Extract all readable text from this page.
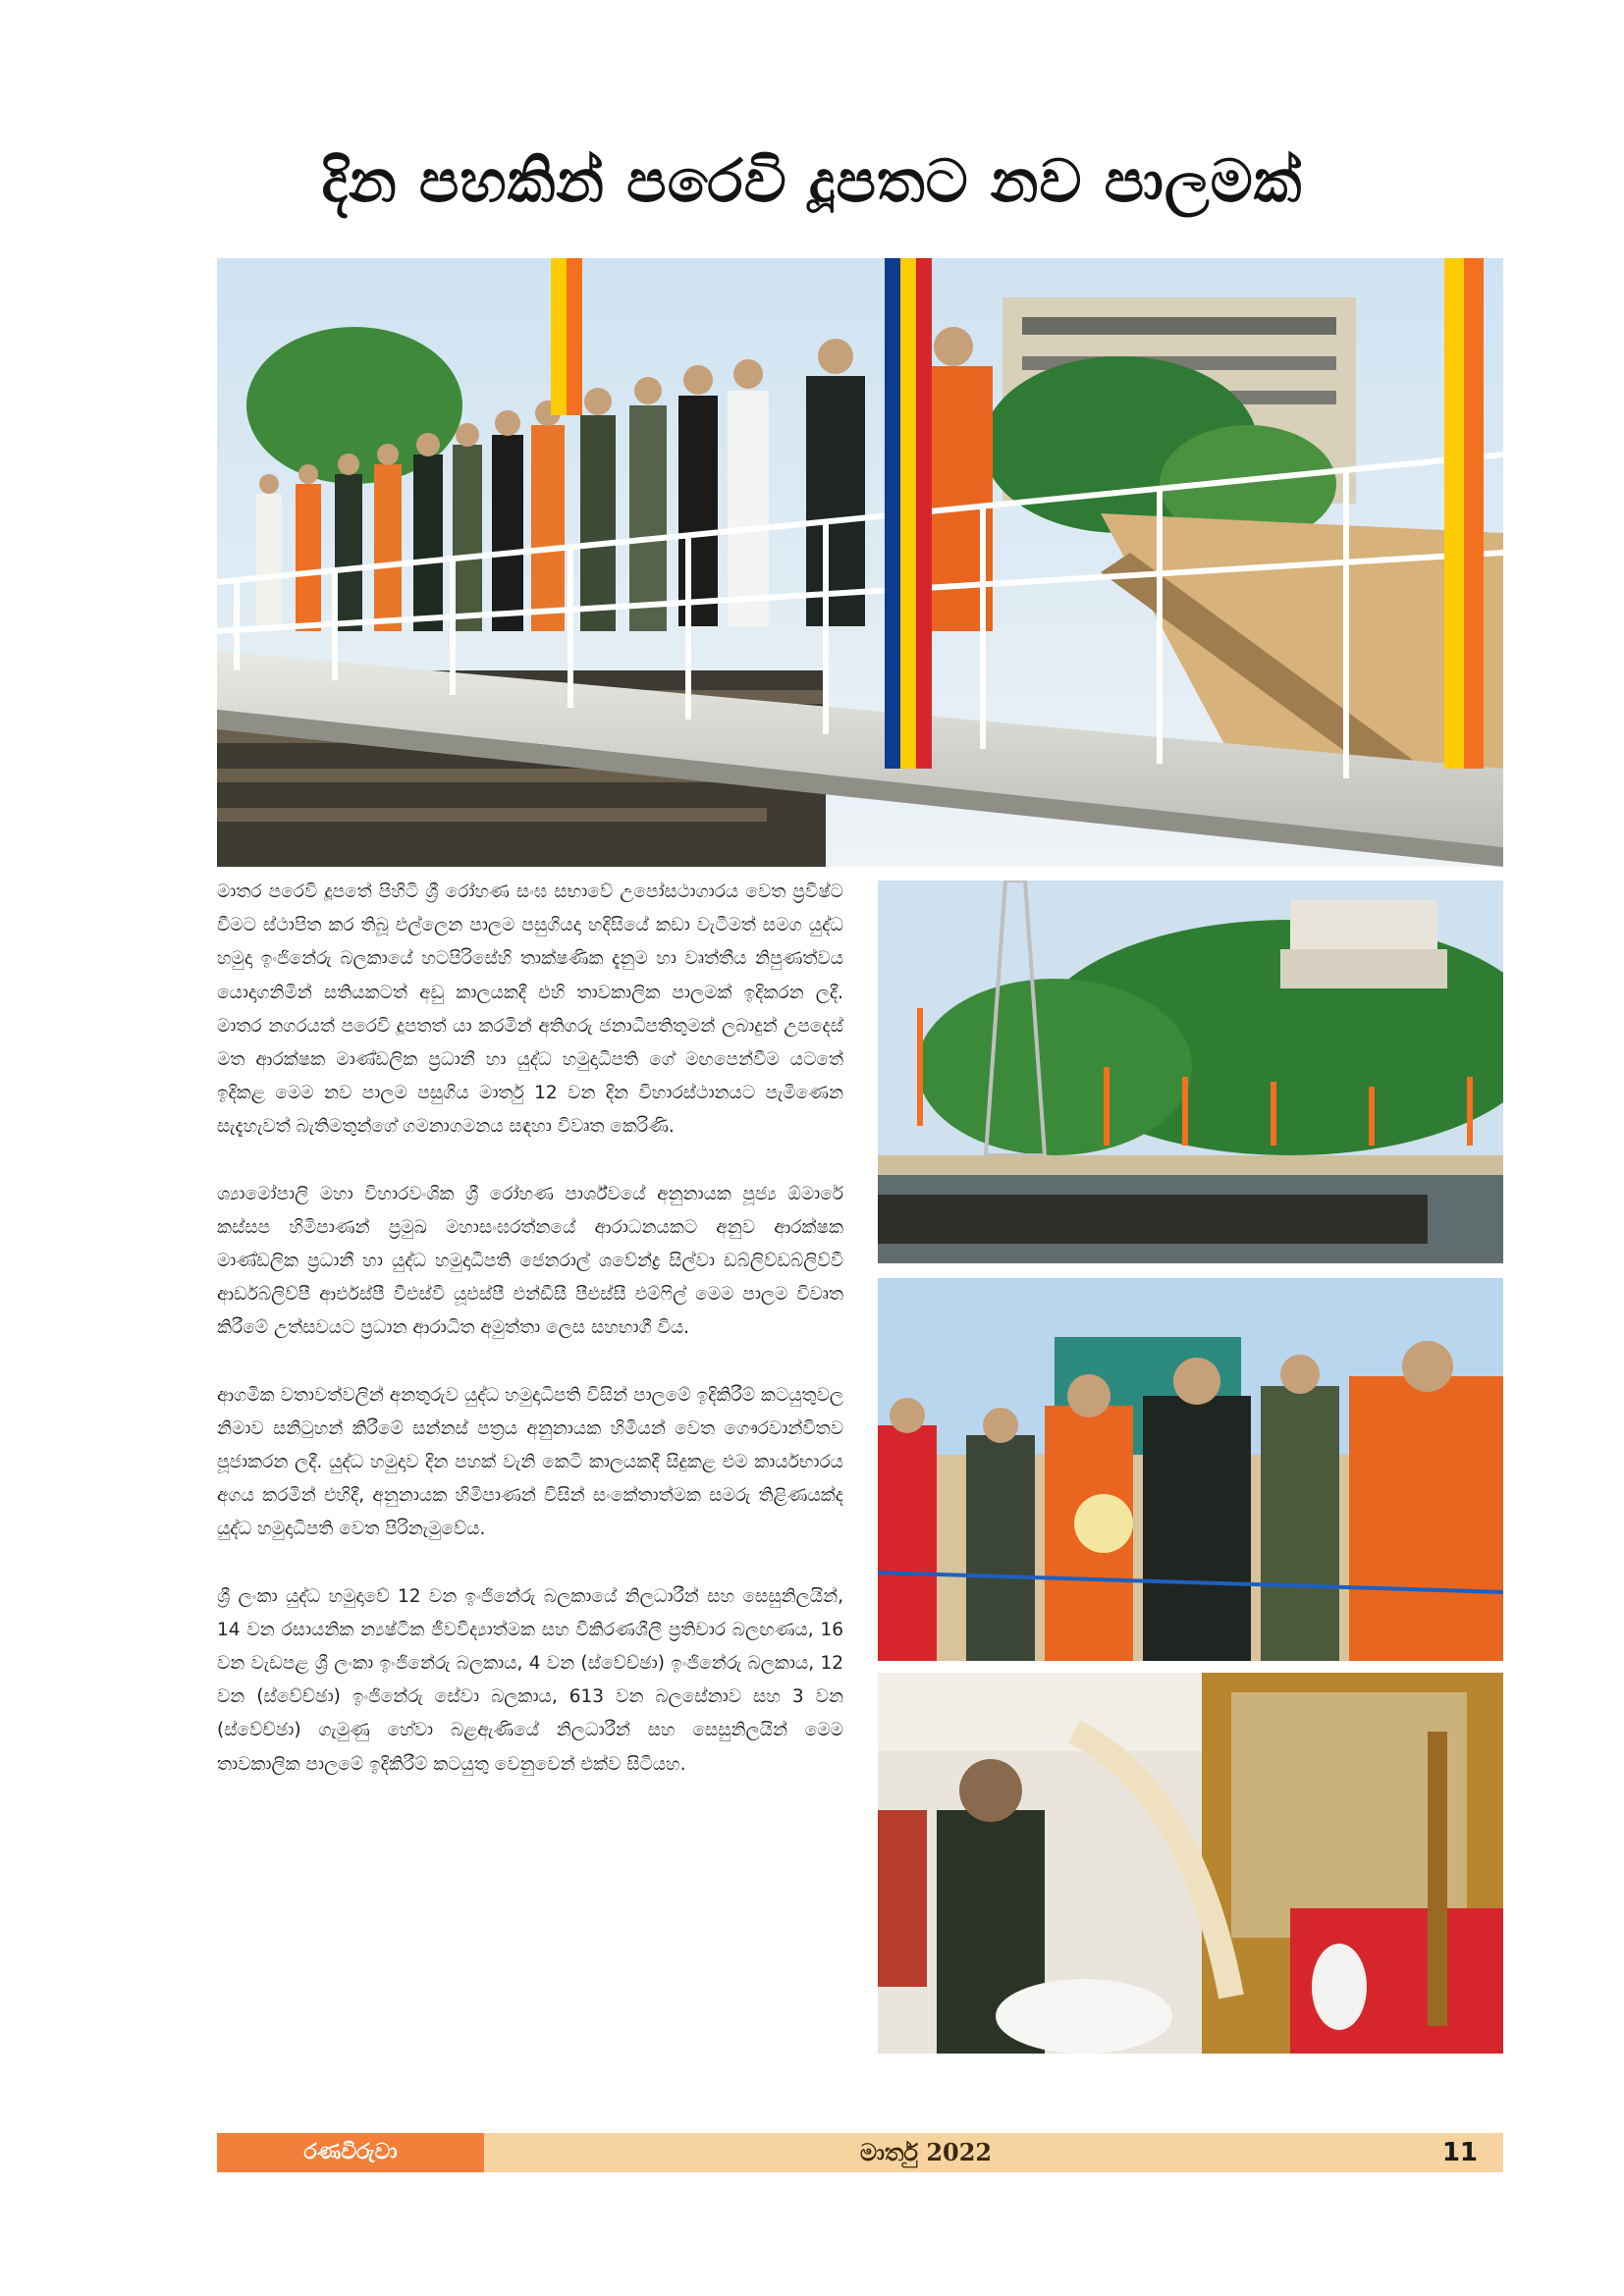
දින පහකින් පරෙවි දූපතට නව පාලමක්

මාතර පරෙවි දූපතේ පිහිටි ශ්‍රී රෝහණ සංඝ සභාවේ උපෝසථාගාරය වෙත ප්‍රවිෂ්ට වීමට ස්ථාපිත කර තිබූ එල්ලෙන පාලම පසුගියදා හදිසියේ කඩා වැටීමත් සමග යුද්ධ හමුදා ඉංජිනේරු බලකායේ හටපිරිසේහි තාක්ෂණික දැනුම හා වෘත්තීය නිපුණත්වය යොදාගනිමින් සතියකටත් අඩු කාලයකදී එහි තාවකාලික පාලමක් ඉදිකරන ලදී. මාතර නගරයත් පරෙවි දූපතත් යා කරමින් අතිගරු ජනාධිපතිතුමන් ලබාදුන් උපදෙස් මත ආරක්ෂක මාණ්ඩලික ප්‍රධානී හා යුද්ධ හමුදාධිපති ගේ මඟපෙන්වීම යටතේ ඉදිකළ මෙම නව පාලම පසුගිය මාර්තු 12 වන දින විහාරස්ථානයට පැමිණෙන සැදැහැවත් බැතිමතුන්ගේ ගමනාගමනය සඳහා විවෘත කෙරිණි.

ශ්‍යාමෝපාලි මහා විහාරවංශික ශ්‍රී රෝහණ පාර්ශ්වයේ අනුනායක පූජ්‍ය ඕමාරේ කස්සප හිමිපාණන් ප්‍රමුඛ මහාසංඝරත්නයේ ආරාධනයකට අනුව ආරක්ෂක මාණ්ඩලික ප්‍රධානී හා යුද්ධ හමුදාධිපති ජෙනරාල් ශවේන්ද්‍ර සිල්වා ඩබ්ලිව්ඩබ්ලිව්වී ආර්ඩබ්ලිව්පී ආර්එස්පී වීඑස්වී යූඑස්පී එන්ඩීසී පීඑස්සී එම්ෆිල් මෙම පාලම විවෘත කිරීමේ උත්සවයට ප්‍රධාන ආරාධිත අමුත්තා ලෙස සහභාගී විය.

ආගමික වතාවත්වලින් අනතුරුව යුද්ධ හමුදාධිපති විසින් පාලමේ ඉදිකිරීම් කටයුතුවල නිමාව සනිටුහන් කිරීමේ සන්නස් පත්‍රය අනුනායක හිමියන් වෙත ගෞරවාන්විතව පූජාකරන ලදී. යුද්ධ හමුදාව දින පහක් වැනි කෙටි කාලයකදී සිදුකළ එම කාර්යභාරය අගය කරමින් එහිදී, අනුනායක හිමිපාණන් විසින් සංකේතාත්මක සමරු තිළිණයක්ද යුද්ධ හමුදාධිපති වෙත පිරිනැමුවේය.

ශ්‍රී ලංකා යුද්ධ හමුදාවේ 12 වන ඉංජිනේරු බලකායේ නිලධාරීන් සහ සෙසුනිලයින්, 14 වන රසායනික න්‍යෂ්ටික ජීවවිද්‍යාත්මක සහ විකිරණශීලී ප්‍රතිචාර බලඟණය, 16 වන වැඩපළ ශ්‍රී ලංකා ඉංජිනේරු බලකාය, 4 වන (ස්වේච්ඡා) ඉංජිනේරු බලකාය, 12 වන (ස්වේච්ඡා) ඉංජිනේරු සේවා බලකාය, 613 වන බලසේනාව සහ 3 වන (ස්වේච්ඡා) ගැමුණු හේවා බළඇණියේ නිලධාරීන් සහ සෙසුනිලයින් මෙම තාවකාලික පාලමේ ඉදිකිරීම් කටයුතු වෙනුවෙන් එක්ව සිටියහ.

රණවිරුවා	මාර්තු 2022	11
